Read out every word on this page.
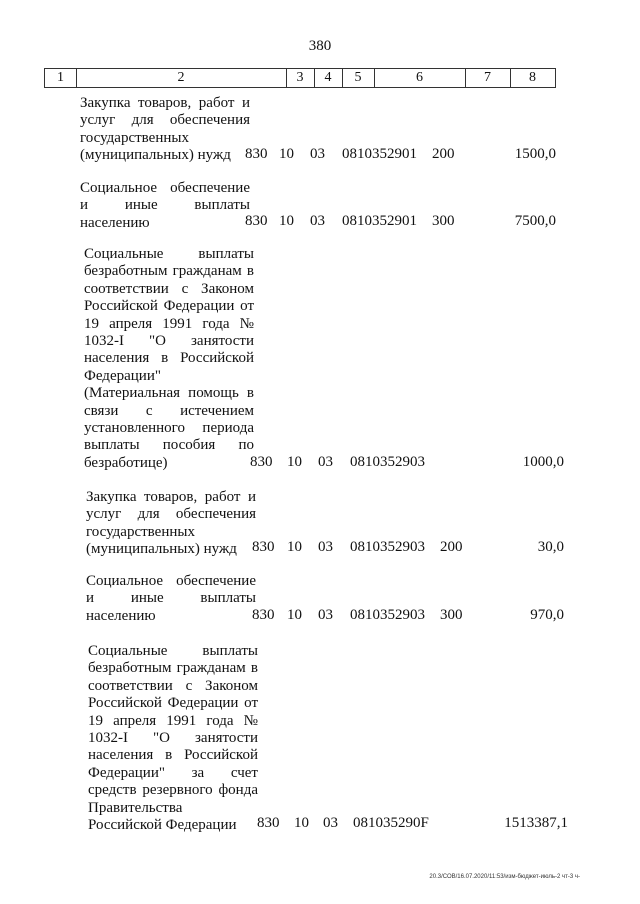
380
1	2	3	4	5	6	7	8
Закупка товаров, работ и услуг для обеспечения государственных (муниципальных) нужд 830 10 03 0810352901 200	1500,0
Социальное обеспечение и иные выплаты населению	830 10 03 0810352901 300	7500,0
Социальные выплаты безработным гражданам в соответствии с Законом Российской Федерации от 19 апреля 1991 года № 1032-I "О занятости населения в Российской Федерации" (Материальная помощь в связи с истечением установленного периода выплаты пособия по безработице)	830 10 03 0810352903	1000,0
Закупка товаров, работ и услуг для обеспечения государственных (муниципальных) нужд	830 10 03 0810352903 200	30,0
Социальное обеспечение и иные выплаты населению	830 10 03 0810352903 300	970,0
Социальные выплаты безработным гражданам в соответствии с Законом Российской Федерации от 19 апреля 1991 года № 1032-I "О занятости населения в Российской Федерации" за счет средств резервного фонда Правительства Российской Федерации	830 10 03 081035290F	1513387,1
20.3/СОВ/16.07.2020/11:53/изм-бюджет-июль-2 чт-3 ч-
